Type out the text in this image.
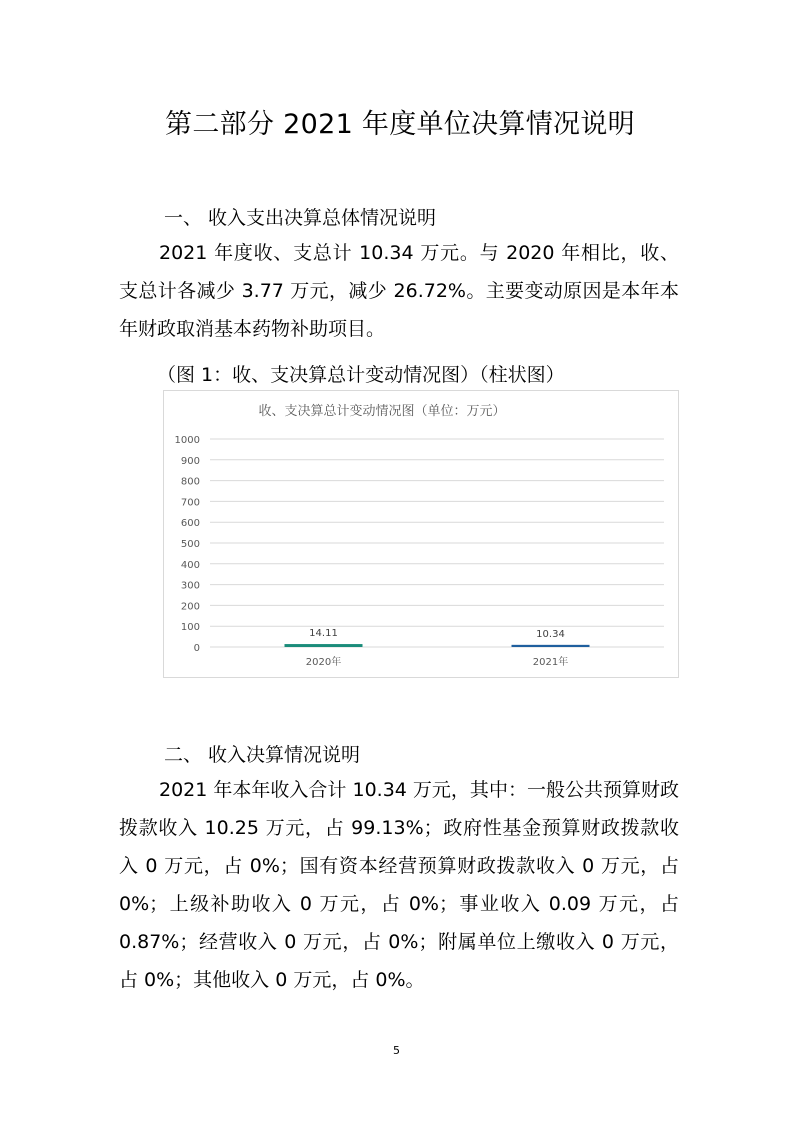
第二部分 2021 年度单位决算情况说明
一、 收入支出决算总体情况说明

2021 年度收、支总计 10.34 万元。与 2020 年相比，收、支总计各减少 3.77 万元，减少 26.72%。主要变动原因是本年本年财政取消基本药物补助项目。

（图 1：收、支决算总计变动情况图）（柱状图）

收、支决算总计变动情况图（单位：万元）
0
100
200
300
400
500
600
700
800
900
1000
14.11
2020年
10.34
2021年
二、 收入决算情况说明

2021 年本年收入合计 10.34 万元，其中：一般公共预算财政拨款收入 10.25 万元，占 99.13%；政府性基金预算财政拨款收入 0 万元，占 0%；国有资本经营预算财政拨款收入 0 万元，占 0%；上级补助收入 0 万元，占 0%；事业收入 0.09 万元，占 0.87%；经营收入 0 万元，占 0%；附属单位上缴收入 0 万元，占 0%；其他收入 0 万元，占 0%。

5
